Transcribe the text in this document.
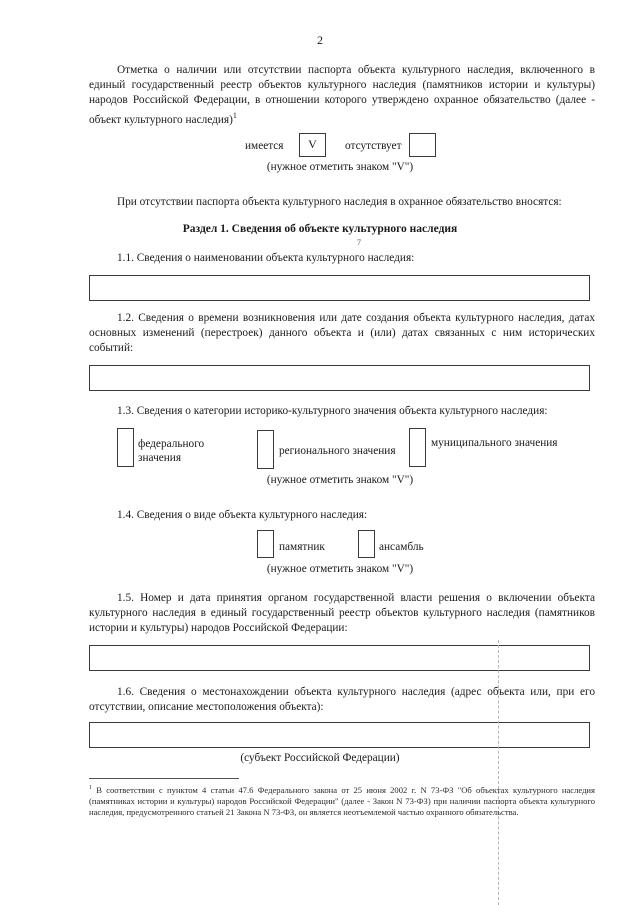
2
Отметка о наличии или отсутствии паспорта объекта культурного наследия, включенного в единый государственный реестр объектов культурного наследия (памятников истории и культуры) народов Российской Федерации, в отношении которого утверждено охранное обязательство (далее - объект культурного наследия)$^1$
имеется	V	отсутствует
(нужное отметить знаком "V")
При отсутствии паспорта объекта культурного наследия в охранное обязательство вносятся:
Раздел 1. Сведения об объекте культурного наследия
7
1.1. Сведения о наименовании объекта культурного наследия:
1.2. Сведения о времени возникновения или дате создания объекта культурного наследия, датах основных изменений (перестроек) данного объекта и (или) датах связанных с ним исторических событий:
1.3. Сведения о категории историко-культурного значения объекта культурного наследия:
федерального значения
регионального значения
муниципального значения
(нужное отметить знаком "V")
1.4. Сведения о виде объекта культурного наследия:
памятник	ансамбль
(нужное отметить знаком "V")
1.5. Номер и дата принятия органом государственной власти решения о включении объекта культурного наследия в единый государственный реестр объектов культурного наследия (памятников истории и культуры) народов Российской Федерации:
1.6. Сведения о местонахождении объекта культурного наследия (адрес объекта или, при его отсутствии, описание местоположения объекта):
(субъект Российской Федерации)
$^1$ В соответствии с пунктом 4 статьи 47.6 Федерального закона от 25 июня 2002 г. N 73-ФЗ "Об объектах культурного наследия (памятниках истории и культуры) народов Российской Федерации" (далее - Закон N 73-ФЗ) при наличии паспорта объекта культурного наследия, предусмотренного статьей 21 Закона N 73-ФЗ, он является неотъемлемой частью охранного обязательства.
